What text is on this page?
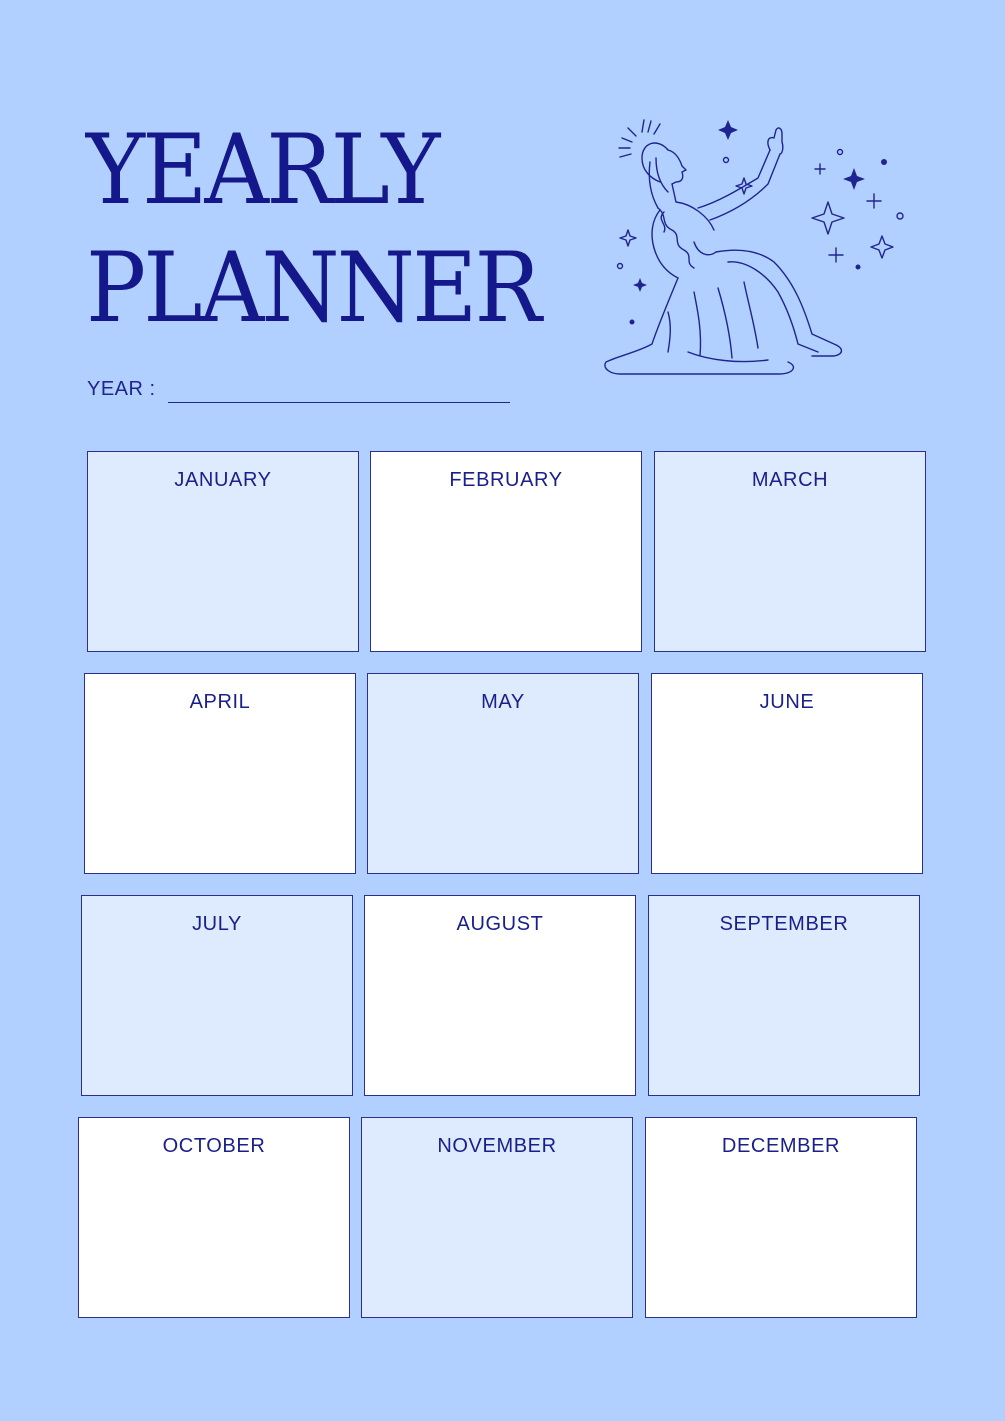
YEARLY
PLANNER
YEAR :
JANUARY	FEBRUARY	MARCH
APRIL	MAY	JUNE
JULY	AUGUST	SEPTEMBER
OCTOBER	NOVEMBER	DECEMBER
